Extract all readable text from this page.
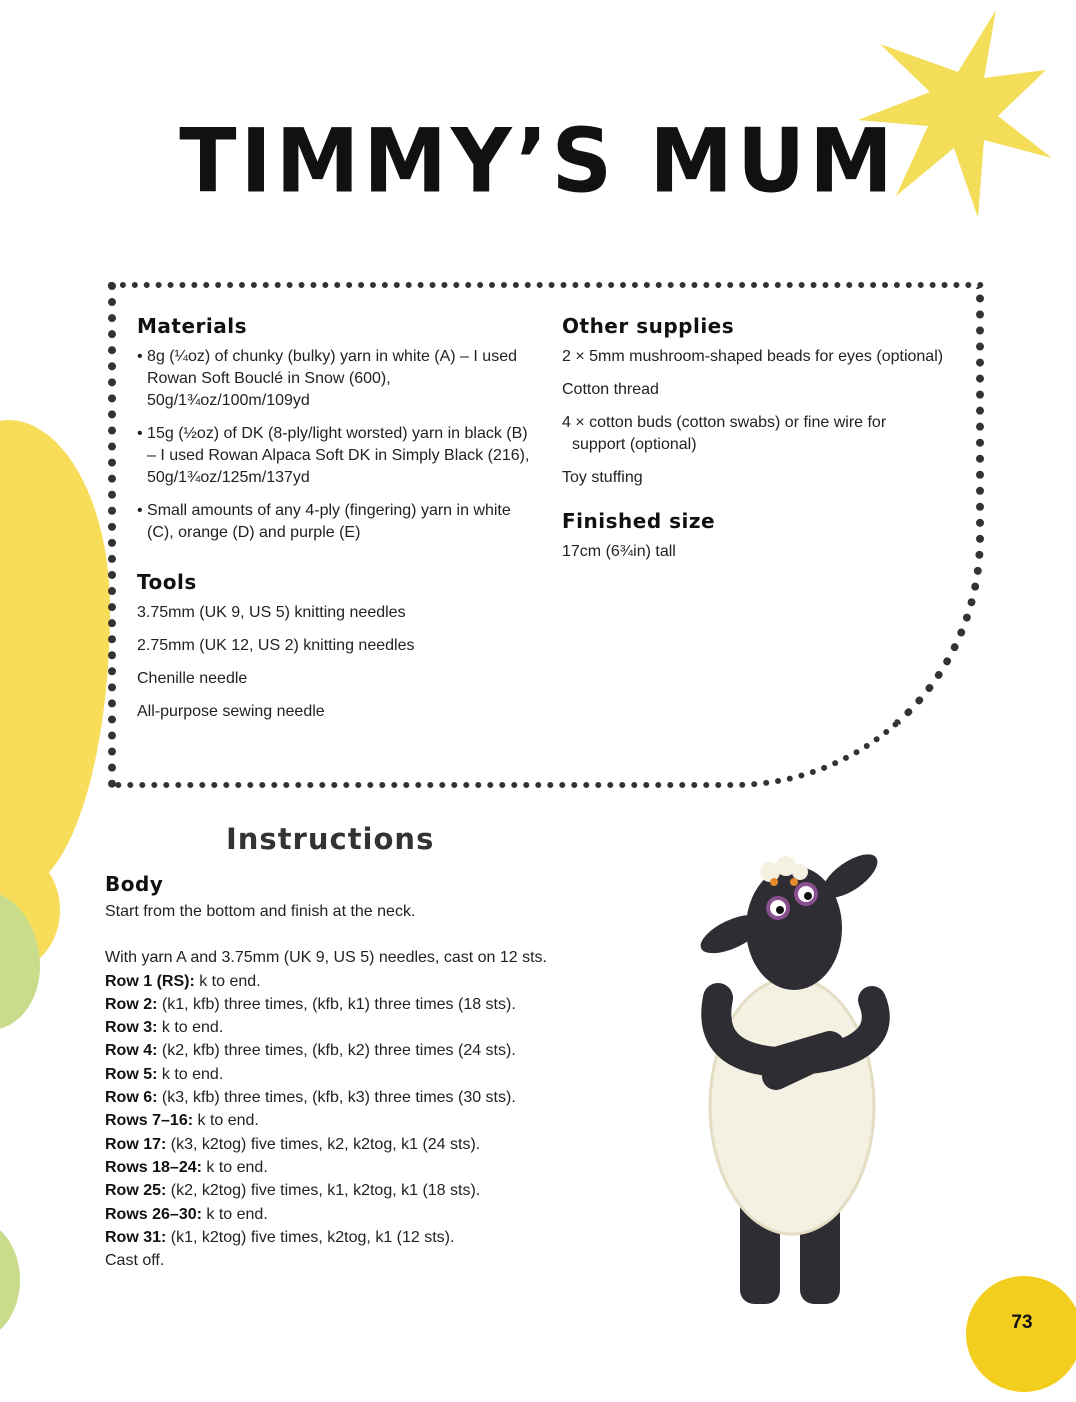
TIMMY’S MUM
Materials
• 8g (¼oz) of chunky (bulky) yarn in white (A) – I used Rowan Soft Bouclé in Snow (600), 50g/1¾oz/100m/109yd
• 15g (½oz) of DK (8-ply/light worsted) yarn in black (B) – I used Rowan Alpaca Soft DK in Simply Black (216), 50g/1¾oz/125m/137yd
• Small amounts of any 4-ply (fingering) yarn in white (C), orange (D) and purple (E)
Tools
3.75mm (UK 9, US 5) knitting needles
2.75mm (UK 12, US 2) knitting needles
Chenille needle
All-purpose sewing needle
Other supplies
2 × 5mm mushroom-shaped beads for eyes (optional)
Cotton thread
4 × cotton buds (cotton swabs) or fine wire for support (optional)
Toy stuffing
Finished size
17cm (6¾in) tall
Instructions
Body

Start from the bottom and finish at the neck.

With yarn A and 3.75mm (UK 9, US 5) needles, cast on 12 sts.

Row 1 (RS): k to end.

Row 2: (k1, kfb) three times, (kfb, k1) three times (18 sts).

Row 3: k to end.

Row 4: (k2, kfb) three times, (kfb, k2) three times (24 sts).

Row 5: k to end.

Row 6: (k3, kfb) three times, (kfb, k3) three times (30 sts).

Rows 7–16: k to end.

Row 17: (k3, k2tog) five times, k2, k2tog, k1 (24 sts).

Rows 18–24: k to end.

Row 25: (k2, k2tog) five times, k1, k2tog, k1 (18 sts).

Rows 26–30: k to end.

Row 31: (k1, k2tog) five times, k2tog, k1 (12 sts).

Cast off.

73
